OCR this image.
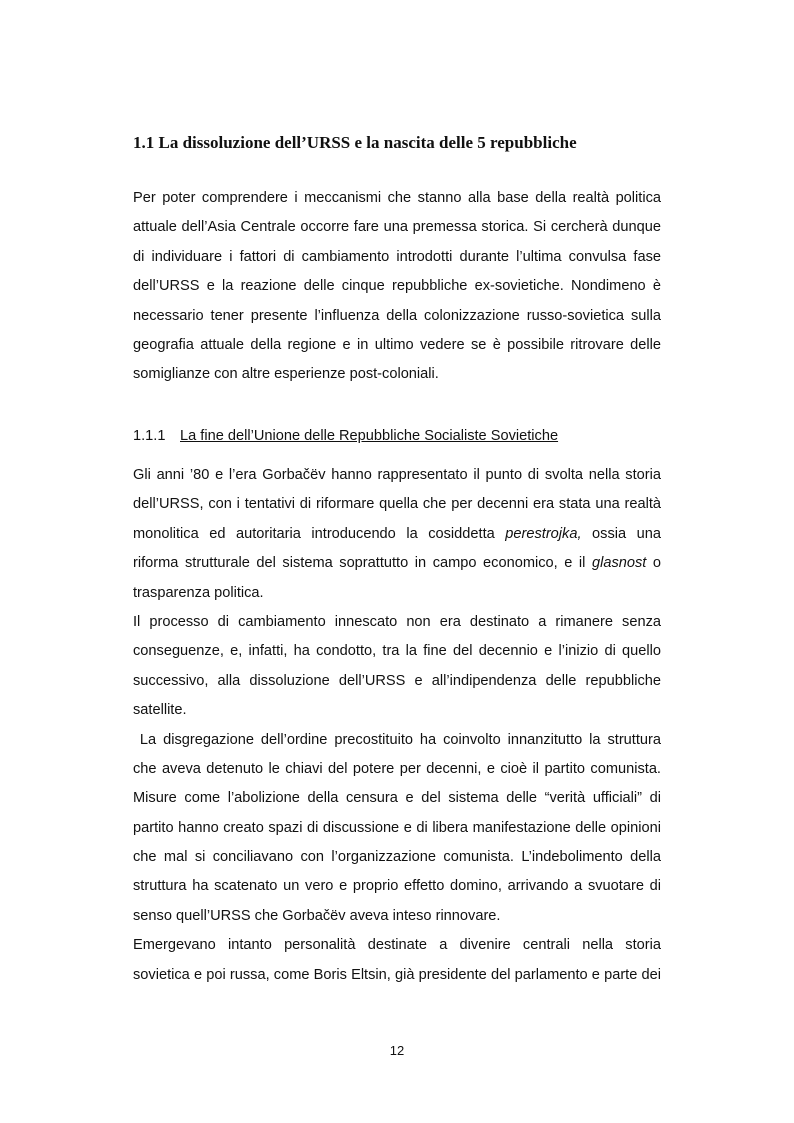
1.1 La dissoluzione dell’URSS e la nascita delle 5 repubbliche
Per poter comprendere i meccanismi che stanno alla base della realtà politica
attuale dell’Asia Centrale occorre fare una premessa storica. Si cercherà dunque
di individuare i fattori di cambiamento introdotti durante l’ultima convulsa fase
dell’URSS e la reazione delle cinque repubbliche ex-sovietiche. Nondimeno è
necessario tener presente l’influenza della colonizzazione russo-sovietica sulla
geografia attuale della regione e in ultimo vedere se è possibile ritrovare delle
somiglianze con altre esperienze post-coloniali.
1.1.1 La fine dell’Unione delle Repubbliche Socialiste Sovietiche
Gli anni ’80 e l’era Gorbačëv hanno rappresentato il punto di svolta nella storia
dell’URSS, con i tentativi di riformare quella che per decenni era stata una realtà
monolitica ed autoritaria introducendo la cosiddetta perestrojka, ossia una
riforma strutturale del sistema soprattutto in campo economico, e il glasnost o
trasparenza politica.
Il processo di cambiamento innescato non era destinato a rimanere senza
conseguenze, e, infatti, ha condotto, tra la fine del decennio e l’inizio di quello
successivo, alla dissoluzione dell’URSS e all’indipendenza delle repubbliche
satellite.
La disgregazione dell’ordine precostituito ha coinvolto innanzitutto la struttura
che aveva detenuto le chiavi del potere per decenni, e cioè il partito comunista.
Misure come l’abolizione della censura e del sistema delle “verità ufficiali” di
partito hanno creato spazi di discussione e di libera manifestazione delle opinioni
che mal si conciliavano con l’organizzazione comunista. L’indebolimento della
struttura ha scatenato un vero e proprio effetto domino, arrivando a svuotare di
senso quell’URSS che Gorbačëv aveva inteso rinnovare.
Emergevano intanto personalità destinate a divenire centrali nella storia
sovietica e poi russa, come Boris Eltsin, già presidente del parlamento e parte dei
12
